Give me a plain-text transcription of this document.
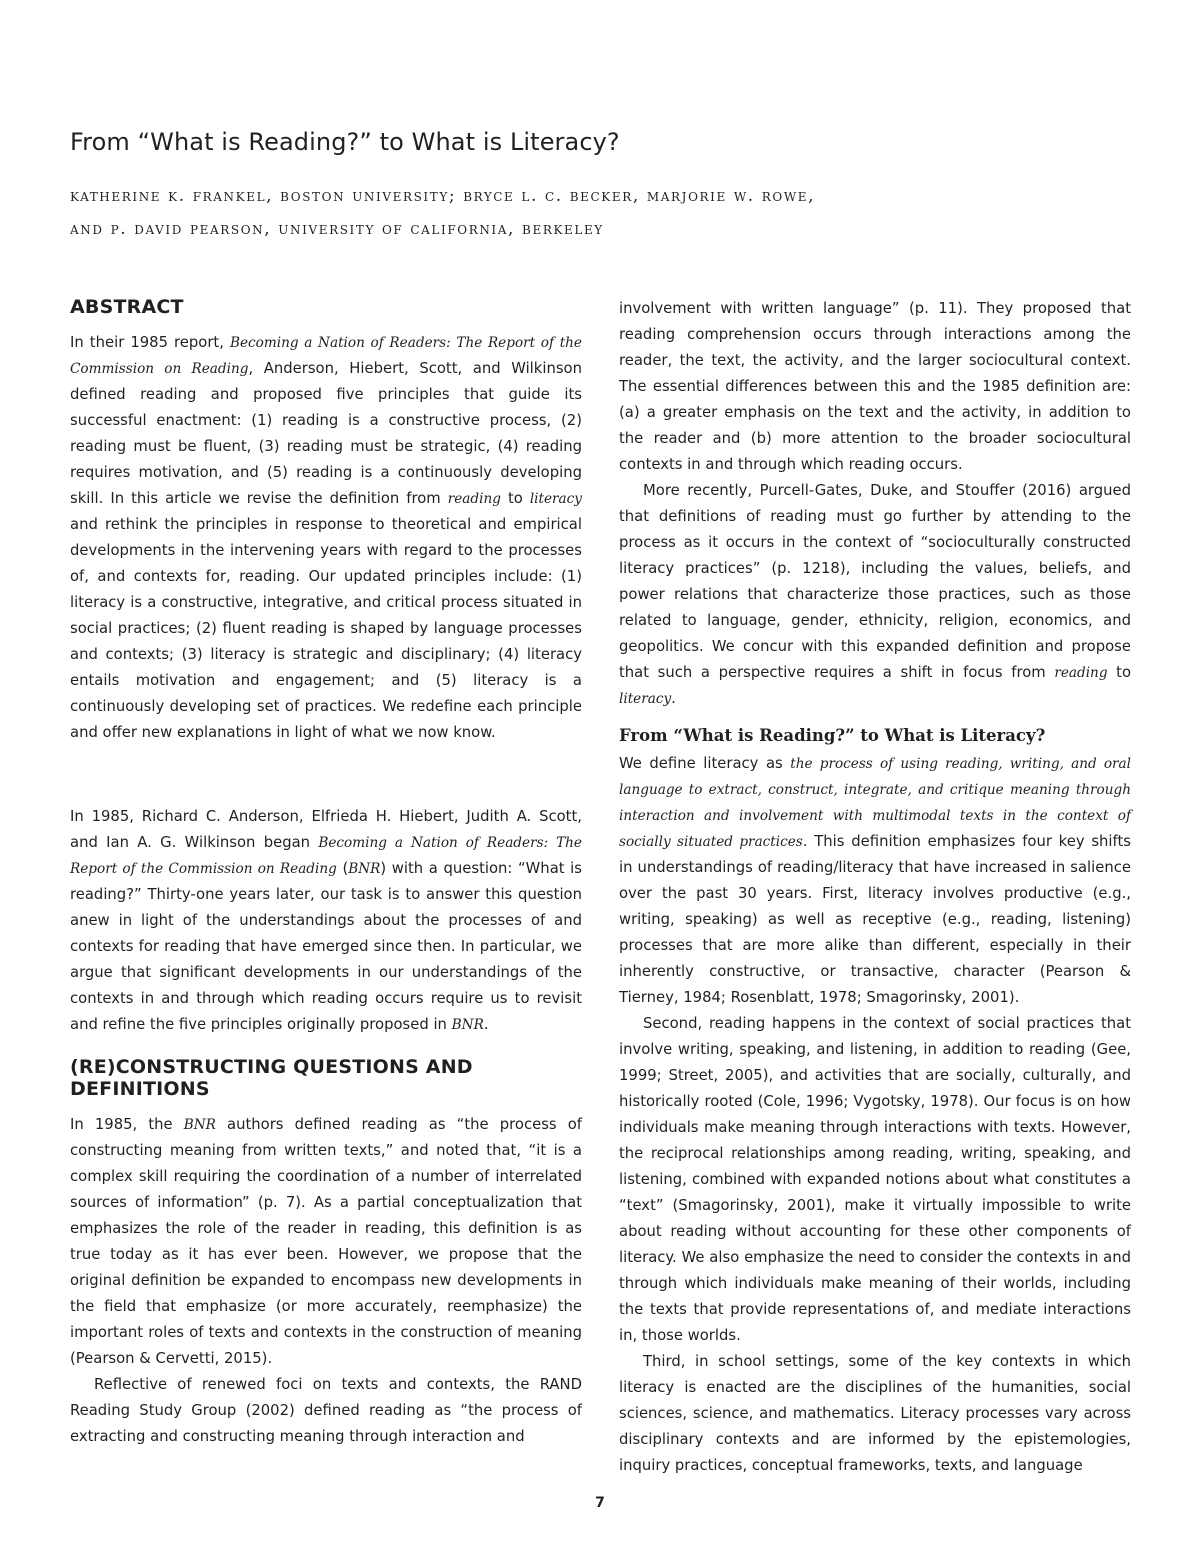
From “What is Reading?” to What is Literacy?
katherine k. frankel, boston university; bryce l. c. becker, marjorie w. rowe,
and p. david pearson, university of california, berkeley
ABSTRACT

In their 1985 report, Becoming a Nation of Readers: The Report of the Commission on Reading, Anderson, Hiebert, Scott, and Wilkinson defined reading and proposed five principles that guide its successful enactment: (1) reading is a constructive process, (2) reading must be fluent, (3) reading must be strategic, (4) reading requires motivation, and (5) reading is a continuously developing skill. In this article we revise the definition from reading to literacy and rethink the principles in response to theoretical and empirical developments in the intervening years with regard to the processes of, and contexts for, reading. Our updated principles include: (1) literacy is a constructive, integrative, and critical process situated in social practices; (2) fluent reading is shaped by language processes and contexts; (3) literacy is strategic and disciplinary; (4) literacy entails motivation and engagement; and (5) literacy is a continuously developing set of practices. We redefine each principle and offer new explanations in light of what we now know.

In 1985, Richard C. Anderson, Elfrieda H. Hiebert, Judith A. Scott, and Ian A. G. Wilkinson began Becoming a Nation of Readers: The Report of the Commission on Reading (BNR) with a question: “What is reading?” Thirty-one years later, our task is to answer this question anew in light of the understandings about the processes of and contexts for reading that have emerged since then. In particular, we argue that significant developments in our understandings of the contexts in and through which reading occurs require us to revisit and refine the five principles originally proposed in BNR.

(RE)CONSTRUCTING QUESTIONS AND DEFINITIONS

In 1985, the BNR authors defined reading as “the process of constructing meaning from written texts,” and noted that, “it is a complex skill requiring the coordination of a number of interrelated sources of information” (p. 7). As a partial conceptualization that emphasizes the role of the reader in reading, this definition is as true today as it has ever been. However, we propose that the original definition be expanded to encompass new developments in the field that emphasize (or more accurately, reemphasize) the important roles of texts and contexts in the construction of meaning (Pearson & Cervetti, 2015).

Reflective of renewed foci on texts and contexts, the RAND Reading Study Group (2002) defined reading as “the process of extracting and constructing meaning through interaction and

involvement with written language” (p. 11). They proposed that reading comprehension occurs through interactions among the reader, the text, the activity, and the larger sociocultural context. The essential differences between this and the 1985 definition are: (a) a greater emphasis on the text and the activity, in addition to the reader and (b) more attention to the broader sociocultural contexts in and through which reading occurs.

More recently, Purcell-Gates, Duke, and Stouffer (2016) argued that definitions of reading must go further by attending to the process as it occurs in the context of “socioculturally constructed literacy practices” (p. 1218), including the values, beliefs, and power relations that characterize those practices, such as those related to language, gender, ethnicity, religion, economics, and geopolitics. We concur with this expanded definition and propose that such a perspective requires a shift in focus from reading to literacy.

From “What is Reading?” to What is Literacy?

We define literacy as the process of using reading, writing, and oral language to extract, construct, integrate, and critique meaning through interaction and involvement with multimodal texts in the context of socially situated practices. This definition emphasizes four key shifts in understandings of reading/literacy that have increased in salience over the past 30 years. First, literacy involves productive (e.g., writing, speaking) as well as receptive (e.g., reading, listening) processes that are more alike than different, especially in their inherently constructive, or transactive, character (Pearson & Tierney, 1984; Rosenblatt, 1978; Smagorinsky, 2001).

Second, reading happens in the context of social practices that involve writing, speaking, and listening, in addition to reading (Gee, 1999; Street, 2005), and activities that are socially, culturally, and historically rooted (Cole, 1996; Vygotsky, 1978). Our focus is on how individuals make meaning through interactions with texts. However, the reciprocal relationships among reading, writing, speaking, and listening, combined with expanded notions about what constitutes a “text” (Smagorinsky, 2001), make it virtually impossible to write about reading without accounting for these other components of literacy. We also emphasize the need to consider the contexts in and through which individuals make meaning of their worlds, including the texts that provide representations of, and mediate interactions in, those worlds.

Third, in school settings, some of the key contexts in which literacy is enacted are the disciplines of the humanities, social sciences, science, and mathematics. Literacy processes vary across disciplinary contexts and are informed by the epistemologies, inquiry practices, conceptual frameworks, texts, and language

7
